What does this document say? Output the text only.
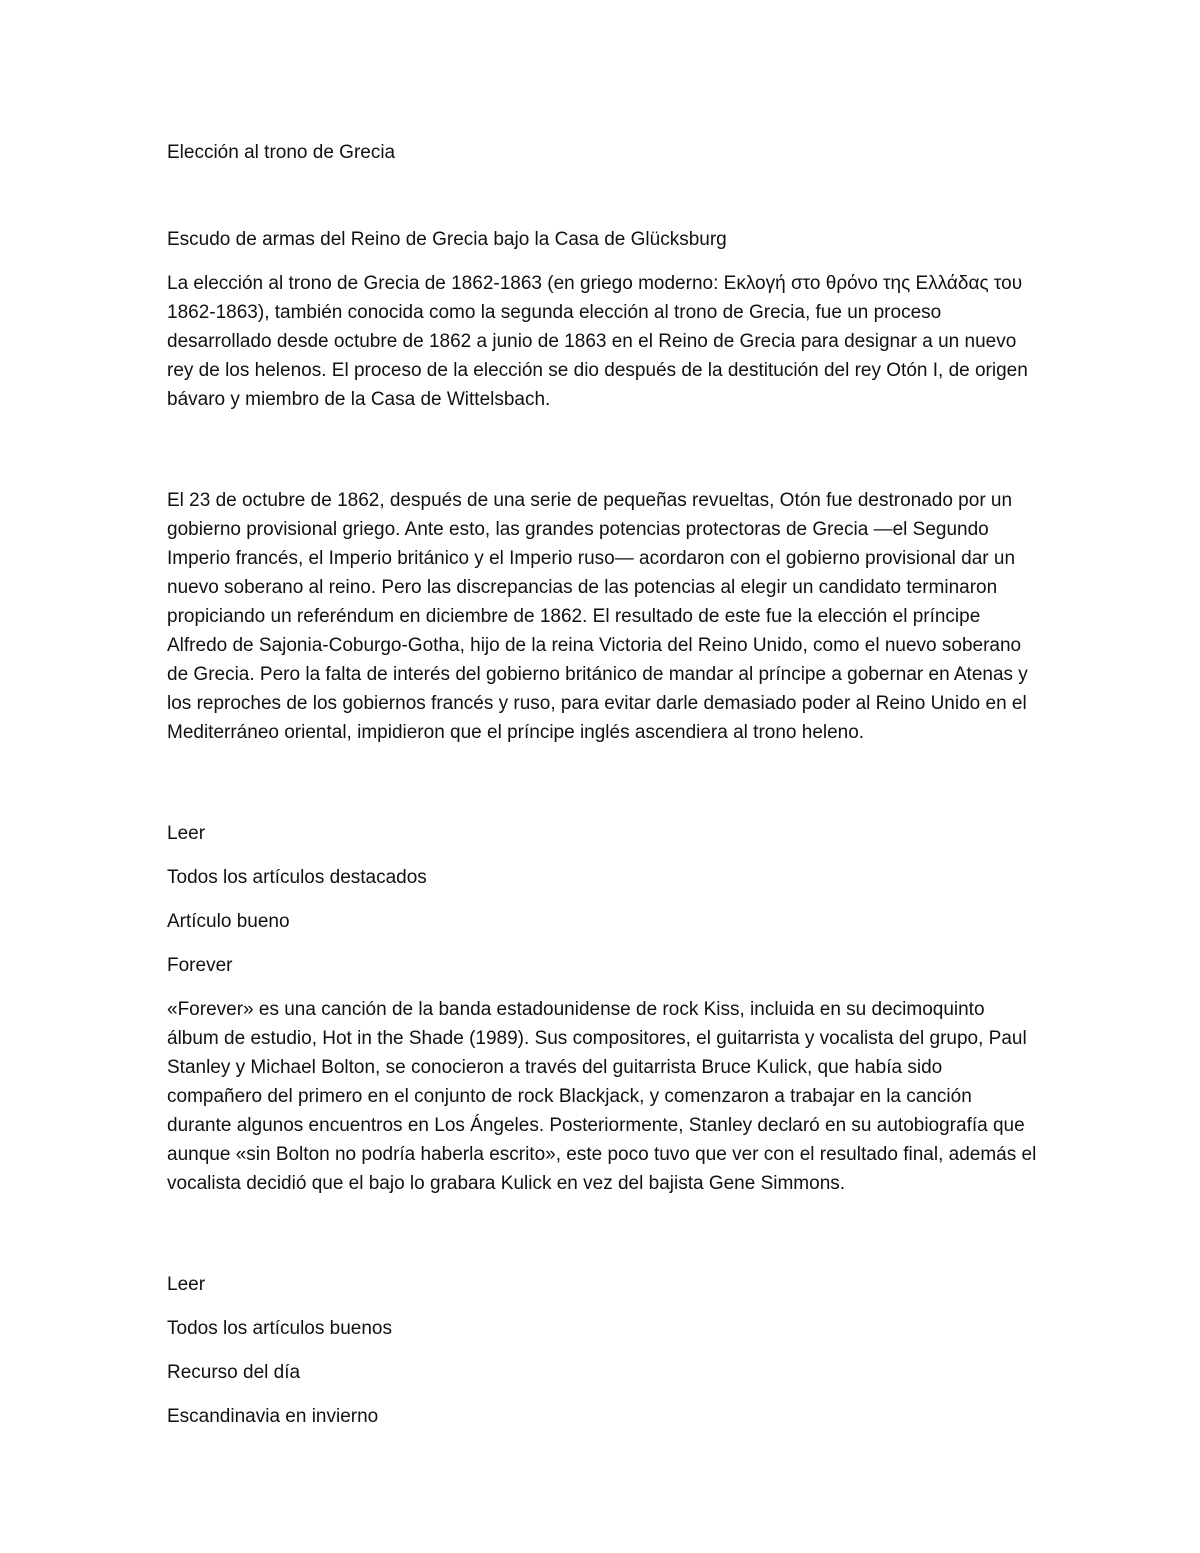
Elección al trono de Grecia

Escudo de armas del Reino de Grecia bajo la Casa de Glücksburg

La elección al trono de Grecia de 1862-1863 (en griego moderno: Εκλογή στο θρόνο της Ελλάδας του 1862-1863), también conocida como la segunda elección al trono de Grecia, fue un proceso desarrollado desde octubre de 1862 a junio de 1863 en el Reino de Grecia para designar a un nuevo rey de los helenos. El proceso de la elección se dio después de la destitución del rey Otón I, de origen bávaro y miembro de la Casa de Wittelsbach.

El 23 de octubre de 1862, después de una serie de pequeñas revueltas, Otón fue destronado por un gobierno provisional griego. Ante esto, las grandes potencias protectoras de Grecia —el Segundo Imperio francés, el Imperio británico y el Imperio ruso— acordaron con el gobierno provisional dar un nuevo soberano al reino. Pero las discrepancias de las potencias al elegir un candidato terminaron propiciando un referéndum en diciembre de 1862. El resultado de este fue la elección el príncipe Alfredo de Sajonia-Coburgo-Gotha, hijo de la reina Victoria del Reino Unido, como el nuevo soberano de Grecia. Pero la falta de interés del gobierno británico de mandar al príncipe a gobernar en Atenas y los reproches de los gobiernos francés y ruso, para evitar darle demasiado poder al Reino Unido en el Mediterráneo oriental, impidieron que el príncipe inglés ascendiera al trono heleno.

Leer

Todos los artículos destacados

Artículo bueno

Forever

«Forever» es una canción de la banda estadounidense de rock Kiss, incluida en su decimoquinto álbum de estudio, Hot in the Shade (1989). Sus compositores, el guitarrista y vocalista del grupo, Paul Stanley y Michael Bolton, se conocieron a través del guitarrista Bruce Kulick, que había sido compañero del primero en el conjunto de rock Blackjack, y comenzaron a trabajar en la canción durante algunos encuentros en Los Ángeles. Posteriormente, Stanley declaró en su autobiografía que aunque «sin Bolton no podría haberla escrito», este poco tuvo que ver con el resultado final, además el vocalista decidió que el bajo lo grabara Kulick en vez del bajista Gene Simmons.

Leer

Todos los artículos buenos

Recurso del día

Escandinavia en invierno
